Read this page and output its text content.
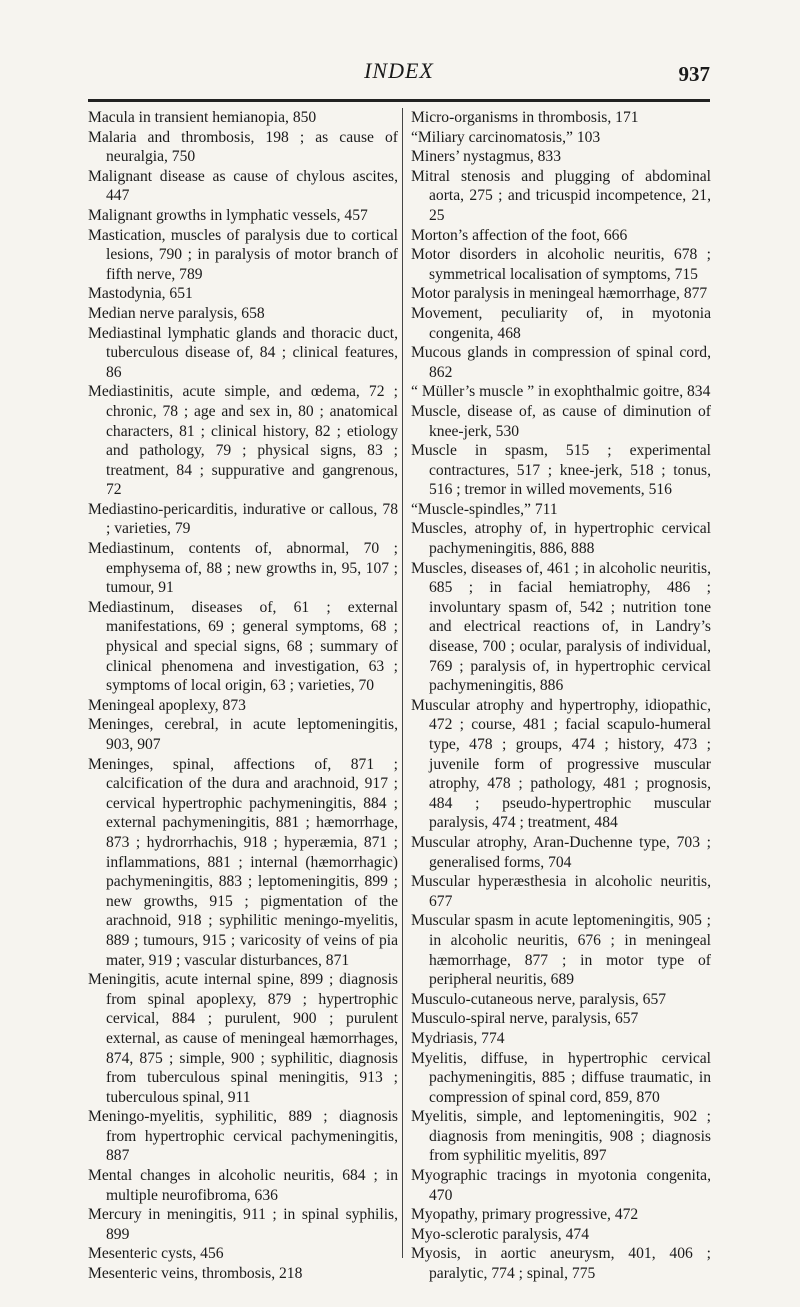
INDEX	937

Macula in transient hemianopia, 850

Malaria and thrombosis, 198 ; as cause of neuralgia, 750

Malignant disease as cause of chylous ascites, 447

Malignant growths in lymphatic vessels, 457

Mastication, muscles of paralysis due to cortical lesions, 790 ; in paralysis of motor branch of fifth nerve, 789

Mastodynia, 651

Median nerve paralysis, 658

Mediastinal lymphatic glands and thoracic duct, tuberculous disease of, 84 ; clinical features, 86

Mediastinitis, acute simple, and œdema, 72 ; chronic, 78 ; age and sex in, 80 ; anatomical characters, 81 ; clinical history, 82 ; etiology and pathology, 79 ; physical signs, 83 ; treatment, 84 ; suppurative and gangrenous, 72

Mediastino-pericarditis, indurative or callous, 78 ; varieties, 79

Mediastinum, contents of, abnormal, 70 ; emphysema of, 88 ; new growths in, 95, 107 ; tumour, 91

Mediastinum, diseases of, 61 ; external manifestations, 69 ; general symptoms, 68 ; physical and special signs, 68 ; summary of clinical phenomena and investigation, 63 ; symptoms of local origin, 63 ; varieties, 70

Meningeal apoplexy, 873

Meninges, cerebral, in acute leptomeningitis, 903, 907

Meninges, spinal, affections of, 871 ; calcification of the dura and arachnoid, 917 ; cervical hypertrophic pachymeningitis, 884 ; external pachymeningitis, 881 ; hæmorrhage, 873 ; hydrorrhachis, 918 ; hyperæmia, 871 ; inflammations, 881 ; internal (hæmorrhagic) pachymeningitis, 883 ; leptomeningitis, 899 ; new growths, 915 ; pigmentation of the arachnoid, 918 ; syphilitic meningo-myelitis, 889 ; tumours, 915 ; varicosity of veins of pia mater, 919 ; vascular disturbances, 871

Meningitis, acute internal spine, 899 ; diagnosis from spinal apoplexy, 879 ; hypertrophic cervical, 884 ; purulent, 900 ; purulent external, as cause of meningeal hæmorrhages, 874, 875 ; simple, 900 ; syphilitic, diagnosis from tuberculous spinal meningitis, 913 ; tuberculous spinal, 911

Meningo-myelitis, syphilitic, 889 ; diagnosis from hypertrophic cervical pachymeningitis, 887

Mental changes in alcoholic neuritis, 684 ; in multiple neurofibroma, 636

Mercury in meningitis, 911 ; in spinal syphilis, 899

Mesenteric cysts, 456

Mesenteric veins, thrombosis, 218

Micro-organisms in thrombosis, 171

“Miliary carcinomatosis,” 103

Miners’ nystagmus, 833

Mitral stenosis and plugging of abdominal aorta, 275 ; and tricuspid incompetence, 21, 25

Morton’s affection of the foot, 666

Motor disorders in alcoholic neuritis, 678 ; symmetrical localisation of symptoms, 715

Motor paralysis in meningeal hæmorrhage, 877

Movement, peculiarity of, in myotonia congenita, 468

Mucous glands in compression of spinal cord, 862

“ Müller’s muscle ” in exophthalmic goitre, 834

Muscle, disease of, as cause of diminution of knee-jerk, 530

Muscle in spasm, 515 ; experimental contractures, 517 ; knee-jerk, 518 ; tonus, 516 ; tremor in willed movements, 516

“Muscle-spindles,” 711

Muscles, atrophy of, in hypertrophic cervical pachymeningitis, 886, 888

Muscles, diseases of, 461 ; in alcoholic neuritis, 685 ; in facial hemiatrophy, 486 ; involuntary spasm of, 542 ; nutrition tone and electrical reactions of, in Landry’s disease, 700 ; ocular, paralysis of individual, 769 ; paralysis of, in hypertrophic cervical pachymeningitis, 886

Muscular atrophy and hypertrophy, idiopathic, 472 ; course, 481 ; facial scapulo-humeral type, 478 ; groups, 474 ; history, 473 ; juvenile form of progressive muscular atrophy, 478 ; pathology, 481 ; prognosis, 484 ; pseudo-hypertrophic muscular paralysis, 474 ; treatment, 484

Muscular atrophy, Aran-Duchenne type, 703 ; generalised forms, 704

Muscular hyperæsthesia in alcoholic neuritis, 677

Muscular spasm in acute leptomeningitis, 905 ; in alcoholic neuritis, 676 ; in meningeal hæmorrhage, 877 ; in motor type of peripheral neuritis, 689

Musculo-cutaneous nerve, paralysis, 657

Musculo-spiral nerve, paralysis, 657

Mydriasis, 774

Myelitis, diffuse, in hypertrophic cervical pachymeningitis, 885 ; diffuse traumatic, in compression of spinal cord, 859, 870

Myelitis, simple, and leptomeningitis, 902 ; diagnosis from meningitis, 908 ; diagnosis from syphilitic myelitis, 897

Myographic tracings in myotonia congenita, 470

Myopathy, primary progressive, 472

Myo-sclerotic paralysis, 474

Myosis, in aortic aneurysm, 401, 406 ; paralytic, 774 ; spinal, 775
